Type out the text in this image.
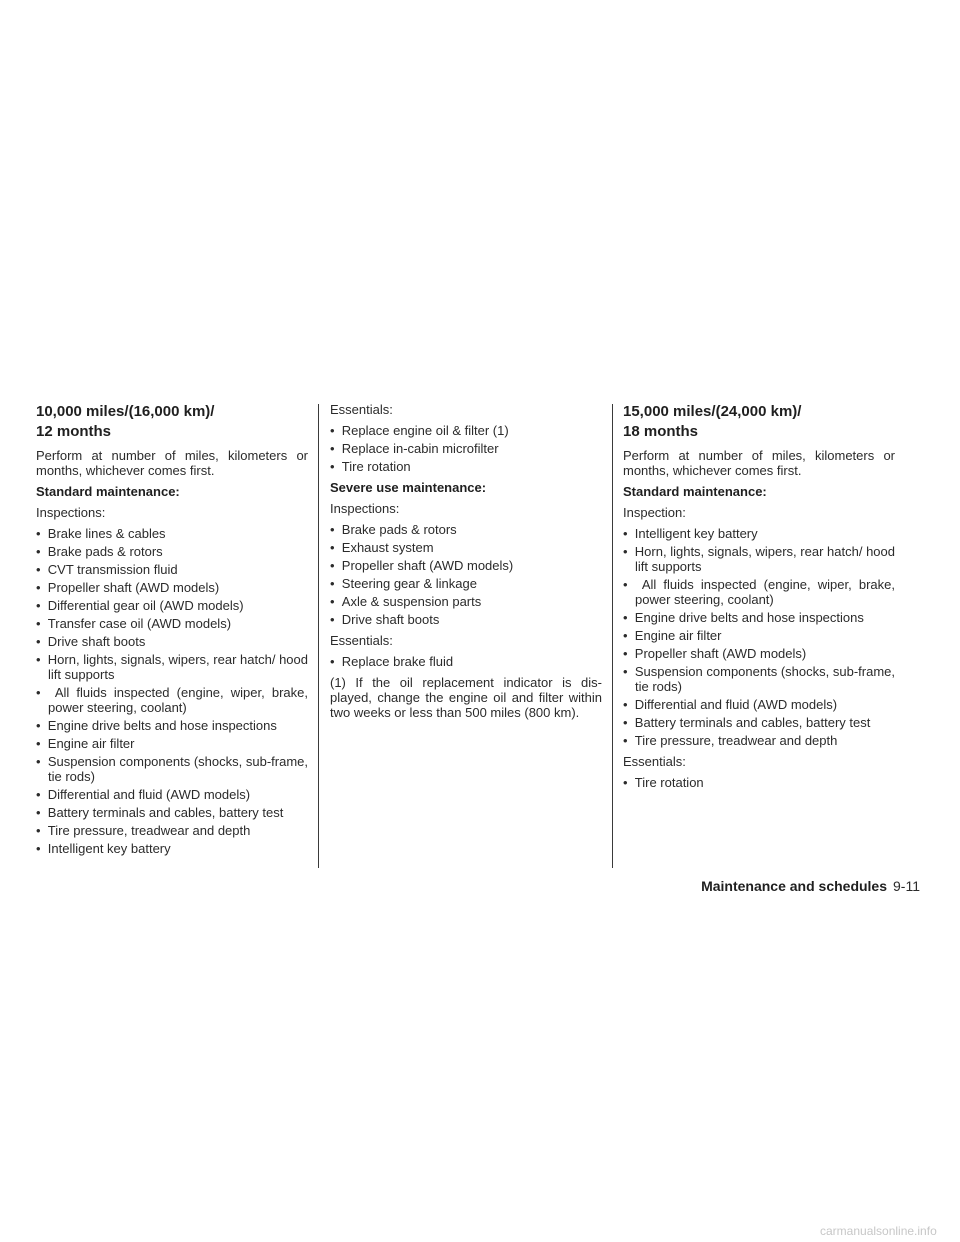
10,000 miles/(16,000 km)/
12 months

Perform at number of miles, kilometers or months, whichever comes first.

Standard maintenance:

Inspections:

•  Brake lines & cables
•  Brake pads & rotors
•  CVT transmission fluid
•  Propeller shaft (AWD models)
•  Differential gear oil (AWD models)
•  Transfer case oil (AWD models)
•  Drive shaft boots
•  Horn, lights, signals, wipers, rear hatch/ hood lift supports
•  All fluids inspected (engine, wiper, brake, power steering, coolant)
•  Engine drive belts and hose inspections
•  Engine air filter
•  Suspension components (shocks, sub-frame, tie rods)
•  Differential and fluid (AWD models)
•  Battery terminals and cables, battery test
•  Tire pressure, treadwear and depth
•  Intelligent key battery

Essentials:

•  Replace engine oil & filter (1)
•  Replace in-cabin microfilter
•  Tire rotation

Severe use maintenance:

Inspections:

•  Brake pads & rotors
•  Exhaust system
•  Propeller shaft (AWD models)
•  Steering gear & linkage
•  Axle & suspension parts
•  Drive shaft boots

Essentials:

•  Replace brake fluid

(1) If the oil replacement indicator is dis-played, change the engine oil and filter within two weeks or less than 500 miles (800 km).

15,000 miles/(24,000 km)/
18 months

Perform at number of miles, kilometers or months, whichever comes first.

Standard maintenance:

Inspection:

•  Intelligent key battery
•  Horn, lights, signals, wipers, rear hatch/ hood lift supports
•  All fluids inspected (engine, wiper, brake, power steering, coolant)
•  Engine drive belts and hose inspections
•  Engine air filter
•  Propeller shaft (AWD models)
•  Suspension components (shocks, sub-frame, tie rods)
•  Differential and fluid (AWD models)
•  Battery terminals and cables, battery test
•  Tire pressure, treadwear and depth

Essentials:

•  Tire rotation
Maintenance and schedules 9-11
carmanualsonline.info
